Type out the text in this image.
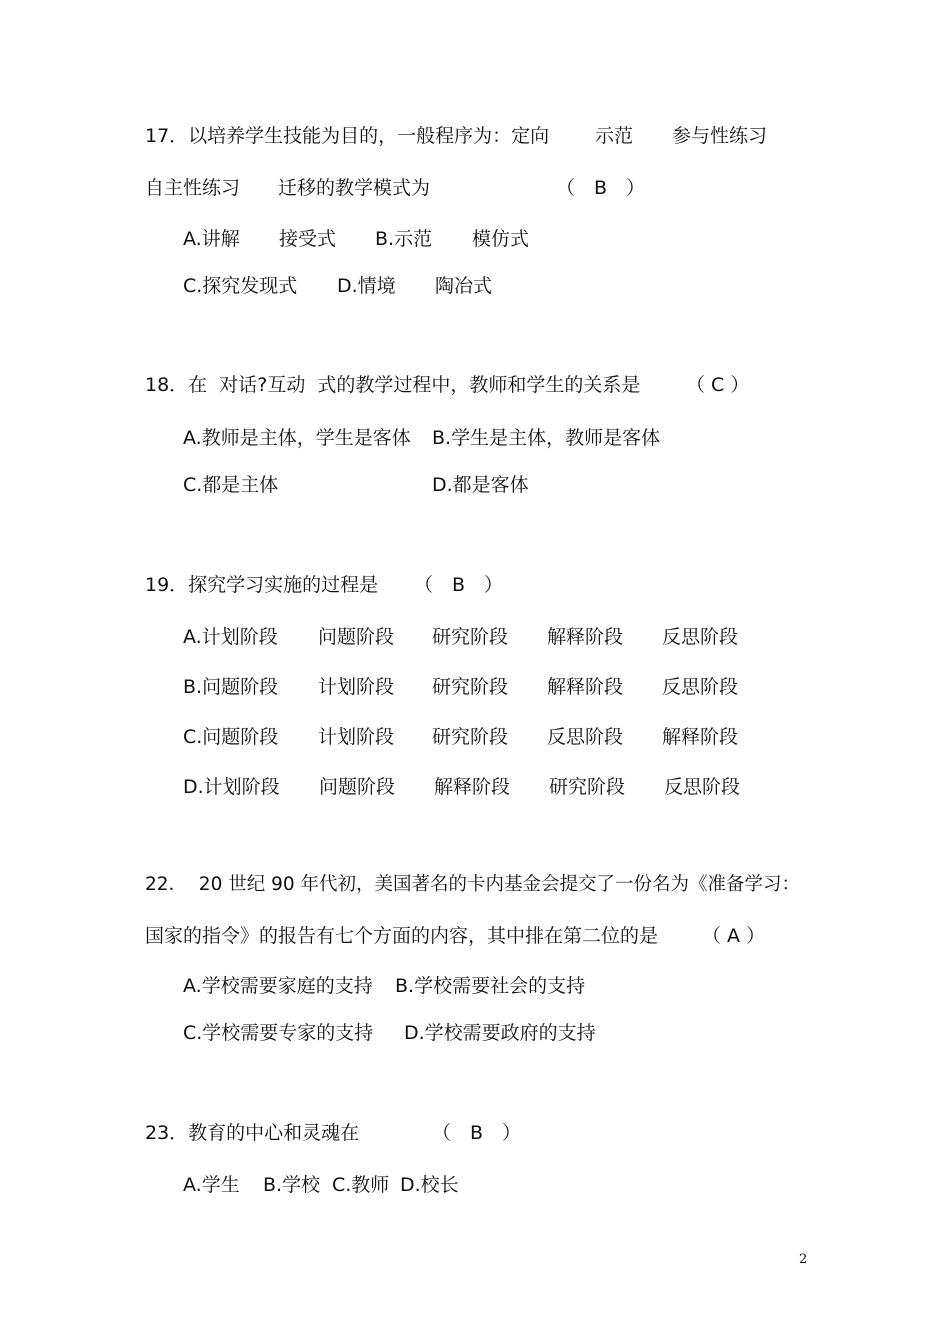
17．以培养学生技能为目的，一般程序为：定向 示范 参与性练习
自主性练习 迁移的教学模式为	（　B　）
A.讲解 接受式 B.示范 模仿式
C.探究发现式 D.情境 陶冶式
18．在  对话?互动  式的教学过程中，教师和学生的关系是 （ C ）
A.教师是主体，学生是客体 B.学生是主体，教师是客体
C.都是主体	D.都是客体
19．探究学习实施的过程是 （　B　）
A.计划阶段 问题阶段 研究阶段 解释阶段 反思阶段
B.问题阶段 计划阶段 研究阶段 解释阶段 反思阶段
C.问题阶段 计划阶段 研究阶段 反思阶段 解释阶段
D.计划阶段 问题阶段 解释阶段 研究阶段 反思阶段
22．  20 世纪 90 年代初，美国著名的卡内基金会提交了一份名为《准备学习：
国家的指令》的报告有七个方面的内容，其中排在第二位的是 （ A ）
A.学校需要家庭的支持 B.学校需要社会的支持
C.学校需要专家的支持 D.学校需要政府的支持
23．教育的中心和灵魂在	（　B　）
A.学生 B.学校 C.教师 D.校长
2
